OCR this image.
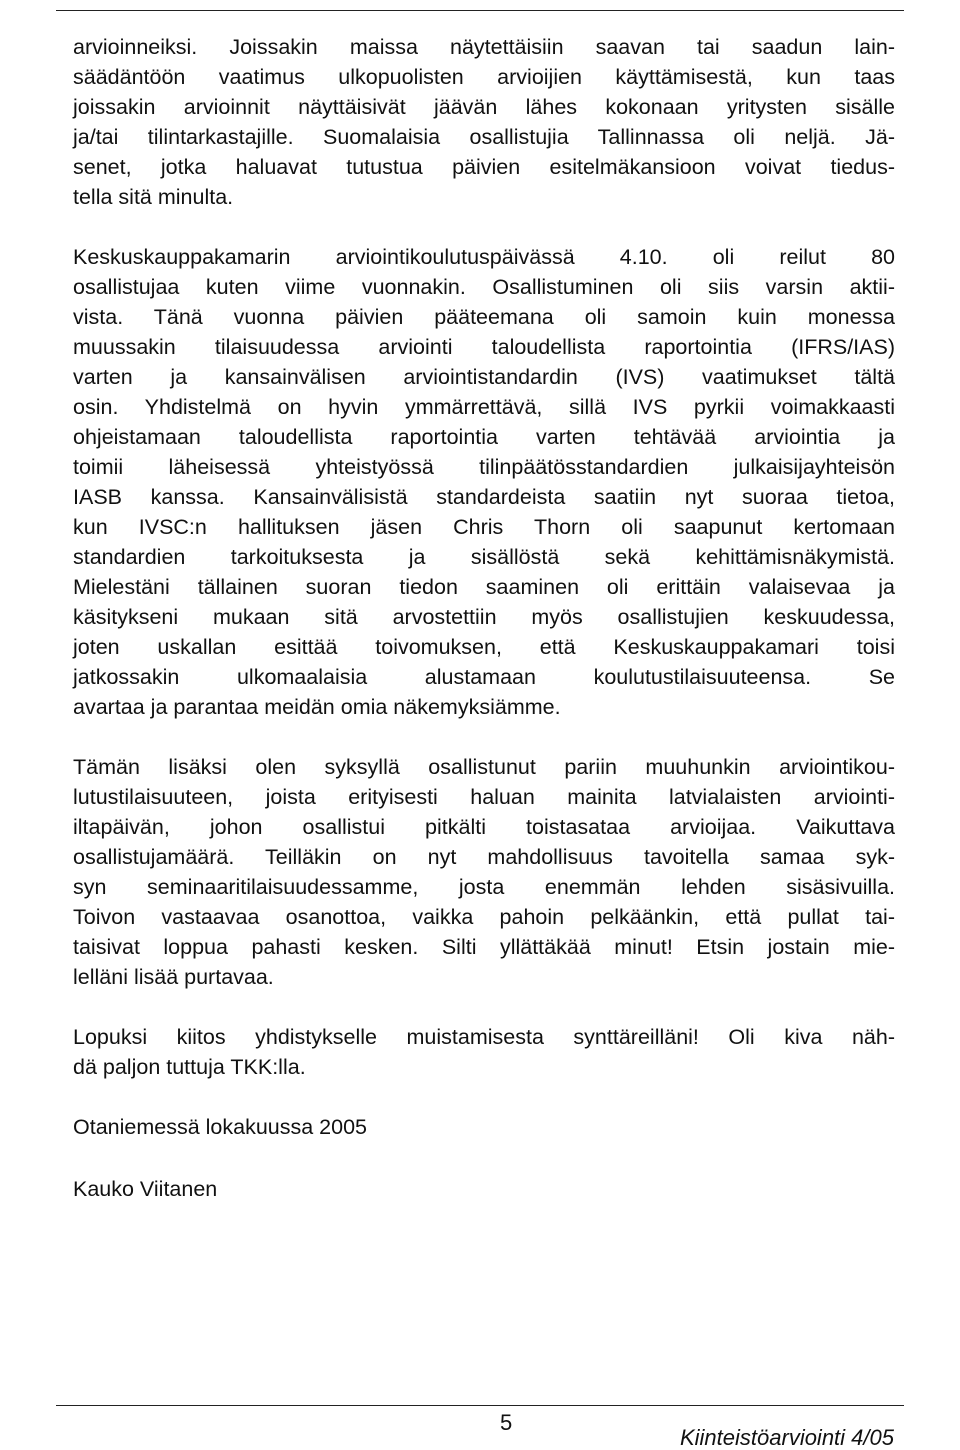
arvioinneiksi. Joissakin maissa näytettäisiin saavan tai saadun lain-
säädäntöön vaatimus ulkopuolisten arvioijien käyttämisestä, kun taas
joissakin arvioinnit näyttäisivät jäävän lähes kokonaan yritysten sisälle
ja/tai tilintarkastajille. Suomalaisia osallistujia Tallinnassa oli neljä. Jä-
senet, jotka haluavat tutustua päivien esitelmäkansioon voivat tiedus-
tella sitä minulta.
Keskuskauppakamarin arviointikoulutuspäivässä 4.10. oli reilut 80
osallistujaa kuten viime vuonnakin. Osallistuminen oli siis varsin aktii-
vista. Tänä vuonna päivien pääteemana oli samoin kuin monessa
muussakin tilaisuudessa arviointi taloudellista raportointia (IFRS/IAS)
varten ja kansainvälisen arviointistandardin (IVS) vaatimukset tältä
osin. Yhdistelmä on hyvin ymmärrettävä, sillä IVS pyrkii voimakkaasti
ohjeistamaan taloudellista raportointia varten tehtävää arviointia ja
toimii läheisessä yhteistyössä tilinpäätösstandardien julkaisijayhteisön
IASB kanssa. Kansainvälisistä standardeista saatiin nyt suoraa tietoa,
kun IVSC:n hallituksen jäsen Chris Thorn oli saapunut kertomaan
standardien tarkoituksesta ja sisällöstä sekä kehittämisnäkymistä.
Mielestäni tällainen suoran tiedon saaminen oli erittäin valaisevaa ja
käsitykseni mukaan sitä arvostettiin myös osallistujien keskuudessa,
joten uskallan esittää toivomuksen, että Keskuskauppakamari toisi
jatkossakin ulkomaalaisia alustamaan koulutustilaisuuteensa. Se
avartaa ja parantaa meidän omia näkemyksiämme.
Tämän lisäksi olen syksyllä osallistunut pariin muuhunkin arviointikou-
lutustilaisuuteen, joista erityisesti haluan mainita latvialaisten arviointi-
iltapäivän, johon osallistui pitkälti toistasataa arvioijaa. Vaikuttava
osallistujamäärä. Teilläkin on nyt mahdollisuus tavoitella samaa syk-
syn seminaaritilaisuudessamme, josta enemmän lehden sisäsivuilla.
Toivon vastaavaa osanottoa, vaikka pahoin pelkäänkin, että pullat tai-
taisivat loppua pahasti kesken. Silti yllättäkää minut! Etsin jostain mie-
lelläni lisää purtavaa.
Lopuksi kiitos yhdistykselle muistamisesta synttäreilläni! Oli kiva näh-
dä paljon tuttuja TKK:lla.
Otaniemessä lokakuussa 2005
Kauko Viitanen
5
Kiinteistöarviointi 4/05
